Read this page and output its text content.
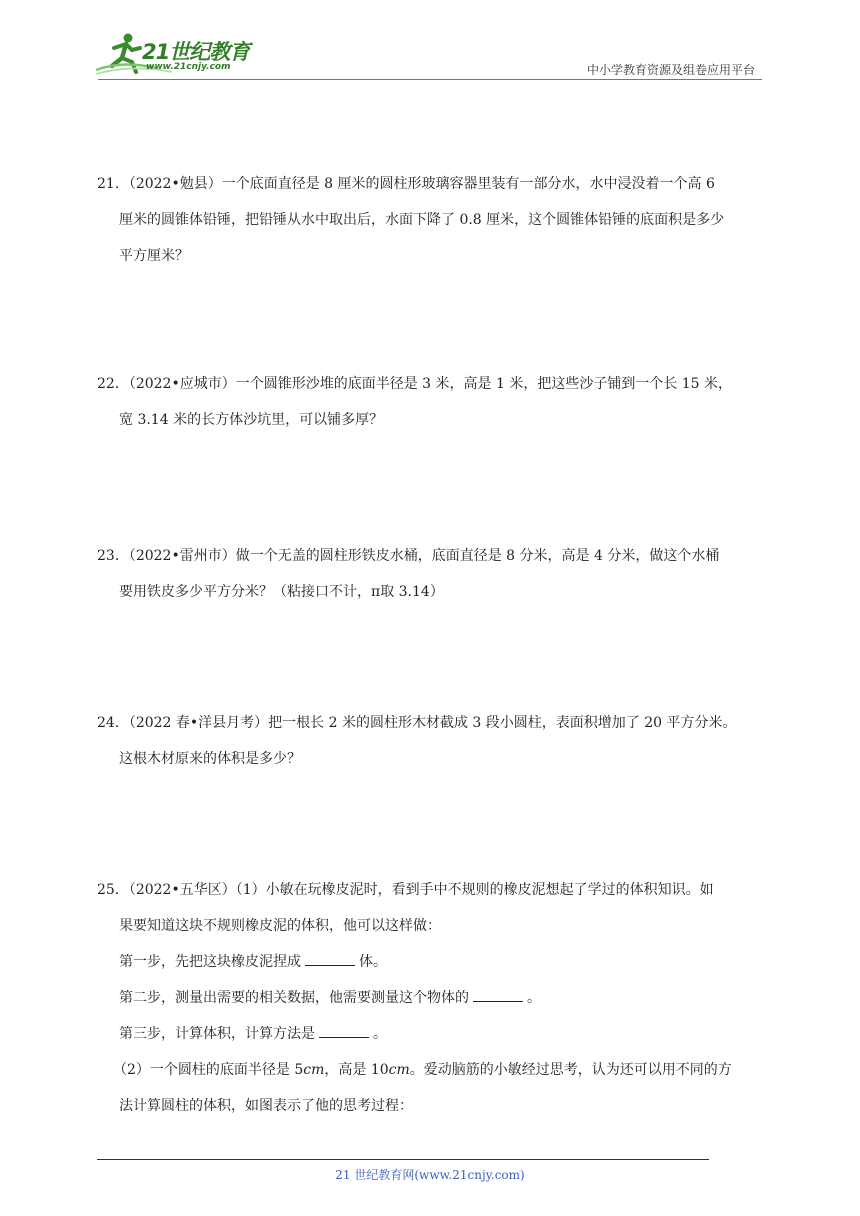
21世纪教育
www.21cnjy.com	中小学教育资源及组卷应用平台

21．（2022•勉县）一个底面直径是 8 厘米的圆柱形玻璃容器里装有一部分水，水中浸没着一个高 6

厘米的圆锥体铅锤，把铅锤从水中取出后，水面下降了 0.8 厘米，这个圆锥体铅锤的底面积是多少

平方厘米？

22．（2022•应城市）一个圆锥形沙堆的底面半径是 3 米，高是 1 米，把这些沙子铺到一个长 15 米，

宽 3.14 米的长方体沙坑里，可以铺多厚？

23．（2022•雷州市）做一个无盖的圆柱形铁皮水桶，底面直径是 8 分米，高是 4 分米，做这个水桶

要用铁皮多少平方分米？（粘接口不计，π取 3.14）

24．（2022 春•洋县月考）把一根长 2 米的圆柱形木材截成 3 段小圆柱，表面积增加了 20 平方分米。

这根木材原来的体积是多少？

25．（2022•五华区）（1）小敏在玩橡皮泥时，看到手中不规则的橡皮泥想起了学过的体积知识。如

果要知道这块不规则橡皮泥的体积，他可以这样做：

第一步，先把这块橡皮泥捏成	体。

第二步，测量出需要的相关数据，他需要测量这个物体的	。

第三步，计算体积，计算方法是	。

（2）一个圆柱的底面半径是 5cm，高是 10cm。爱动脑筋的小敏经过思考，认为还可以用不同的方

法计算圆柱的体积，如图表示了他的思考过程：

21 世纪教育网(www.21cnjy.com)
